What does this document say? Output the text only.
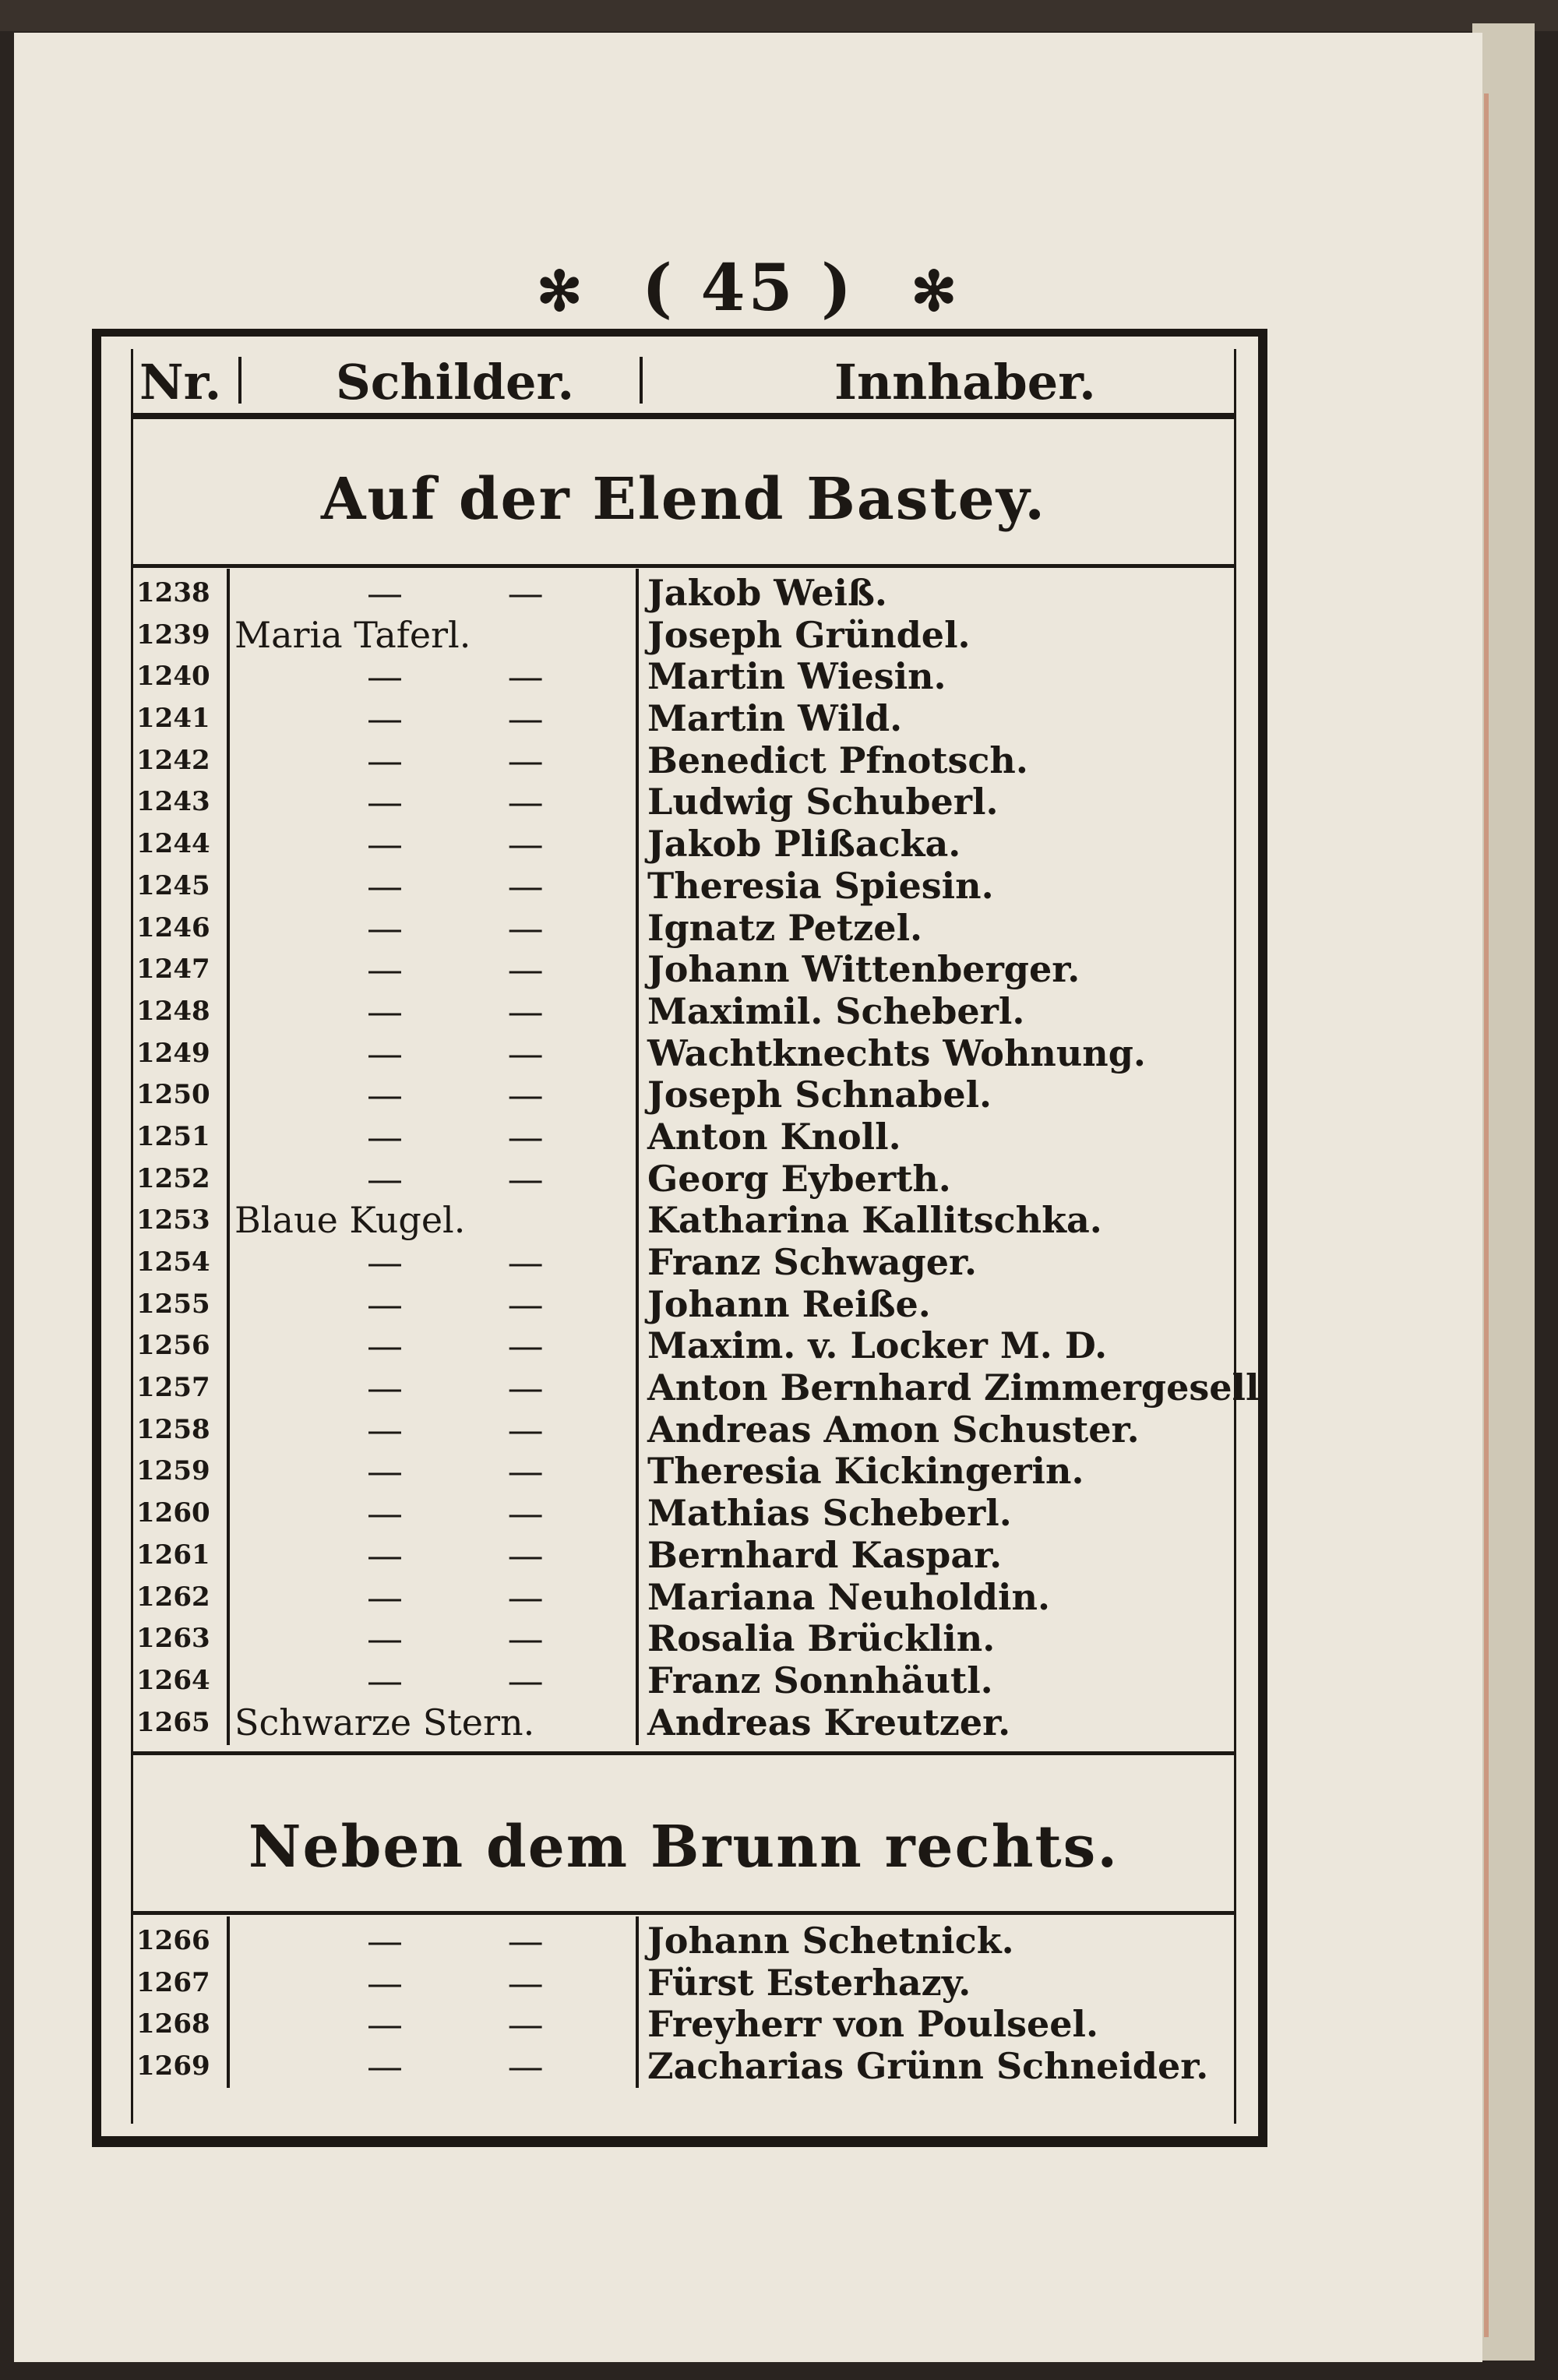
✻ ( 45 ) ✻
Nr. Schilder.	Innhaber.
Auf der Elend Bastey.
1238	— — Jakob Weiß.
1239 Maria Taferl.	Joseph Gründel.
1240	— — Martin Wiesin.
1241	— — Martin Wild.
1242	— — Benedict Pfnotsch.
1243	— — Ludwig Schuberl.
1244	— — Jakob Plißacka.
1245	— — Theresia Spiesin.
1246	— — Ignatz Petzel.
1247	— — Johann Wittenberger.
1248	— — Maximil. Scheberl.
1249	— — Wachtknechts Wohnung.
1250	— — Joseph Schnabel.
1251	— — Anton Knoll.
1252	— — Georg Eyberth.
1253 Blaue Kugel.	Katharina Kallitschka.
1254	— — Franz Schwager.
1255	— — Johann Reiße.
1256	— — Maxim. v. Locker M. D.
1257	— — Anton Bernhard Zimmergesell
1258	— — Andreas Amon Schuster.
1259	— — Theresia Kickingerin.
1260	— — Mathias Scheberl.
1261	— — Bernhard Kaspar.
1262	— — Mariana Neuholdin.
1263	— — Rosalia Brücklin.
1264	— — Franz Sonnhäutl.
1265 Schwarze Stern.	Andreas Kreutzer.
Neben dem Brunn rechts.
1266	— — Johann Schetnick.
1267	— — Fürst Esterhazy.
1268	— — Freyherr von Poulseel.
1269	— — Zacharias Grünn Schneider.
